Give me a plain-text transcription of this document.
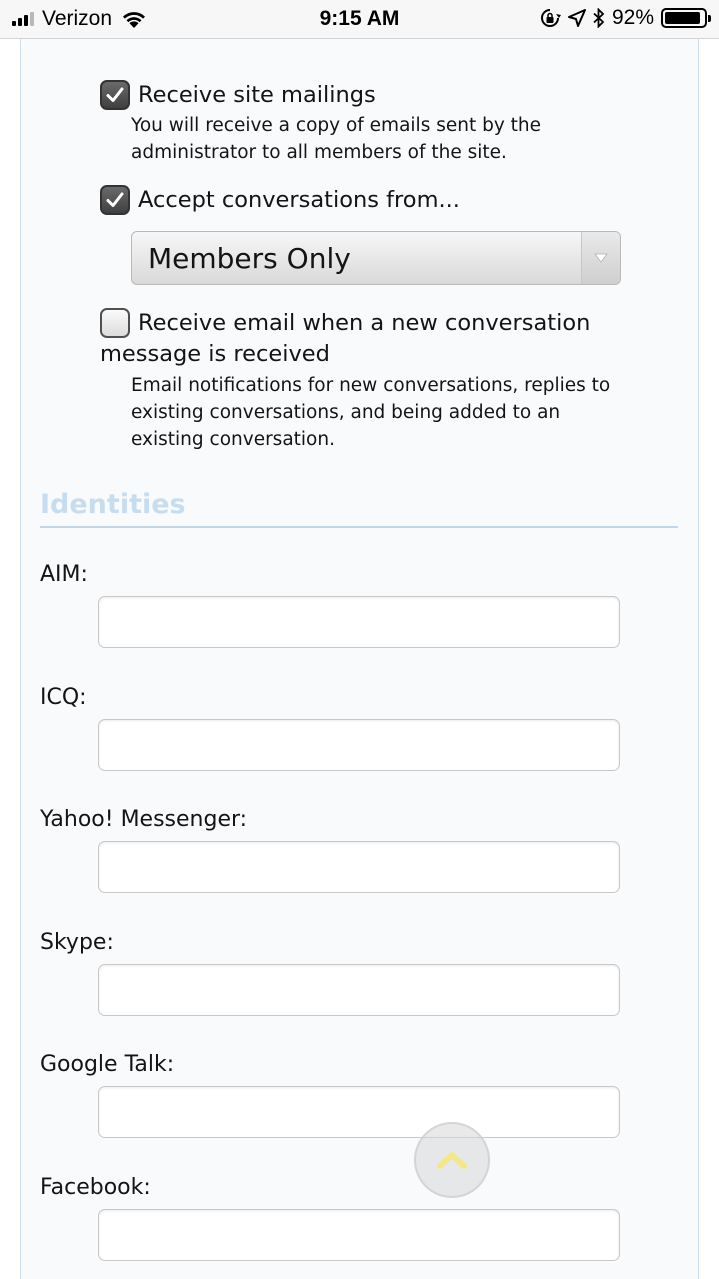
Verizon	9:15 AM	92%
Receive site mailings
You will receive a copy of emails sent by the administrator to all members of the site.
Accept conversations from...
Members Only
Receive email when a new conversation message is received
Email notifications for new conversations, replies to existing conversations, and being added to an existing conversation.
Identities
AIM:
ICQ:
Yahoo! Messenger:
Skype:
Google Talk:
Facebook:
